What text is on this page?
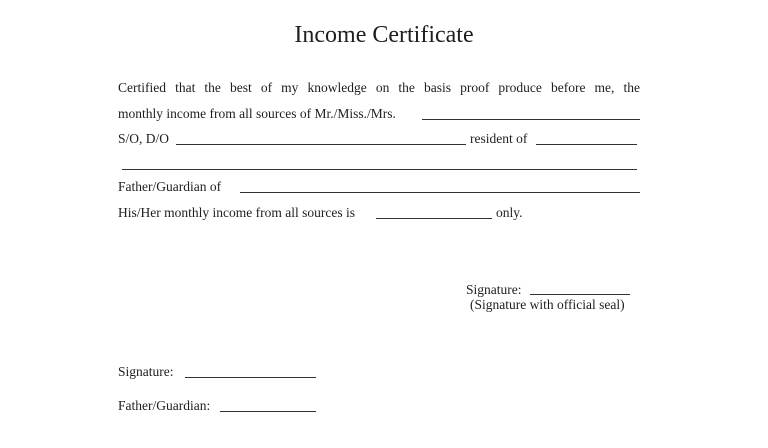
Income Certificate
Certified that the best of my knowledge on the basis proof produce before me, the
monthly income from all sources of Mr./Miss./Mrs.
S/O, D/O	resident of
Father/Guardian of
His/Her monthly income from all sources is	only.
Signature:
(Signature with official seal)
Signature:
Father/Guardian:
